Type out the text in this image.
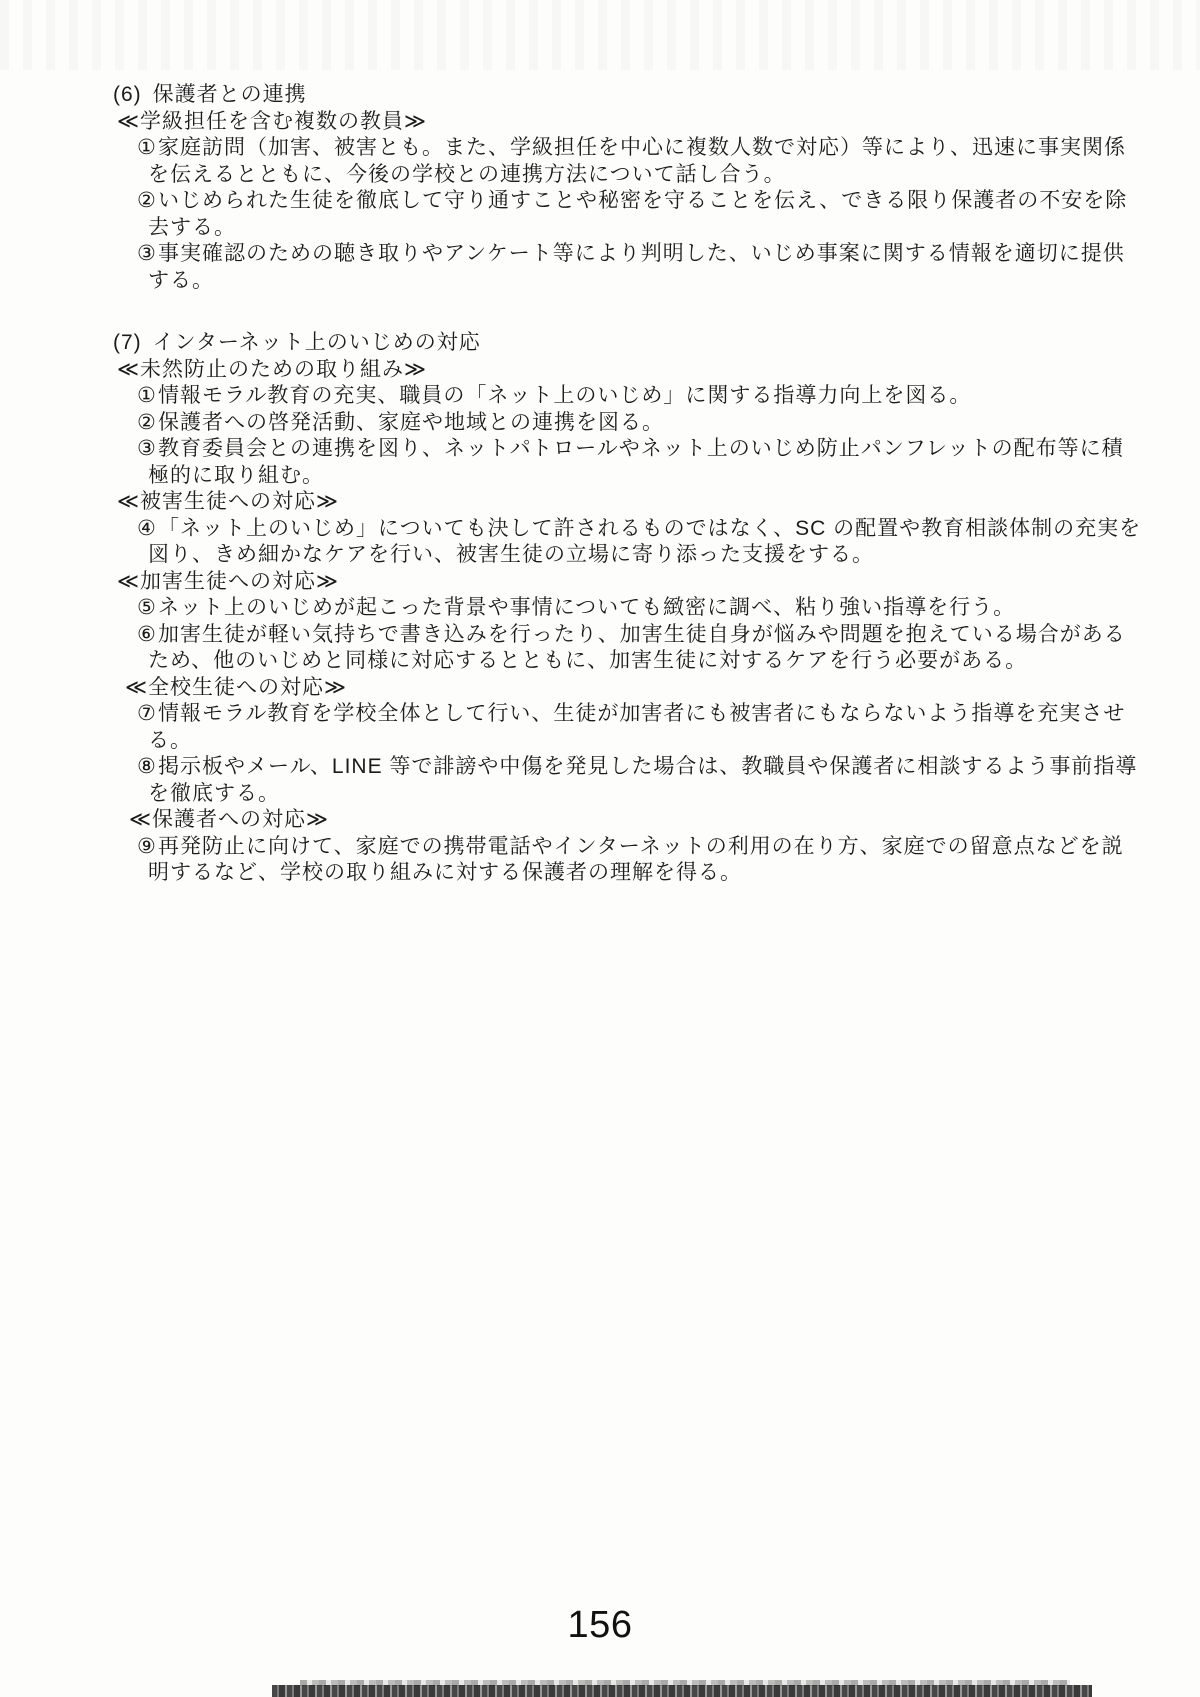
(6) 保護者との連携
≪学級担任を含む複数の教員≫
①家庭訪問（加害、被害とも。また、学級担任を中心に複数人数で対応）等により、迅速に事実関係
を伝えるとともに、今後の学校との連携方法について話し合う。
②いじめられた生徒を徹底して守り通すことや秘密を守ることを伝え、できる限り保護者の不安を除
去する。
③事実確認のための聴き取りやアンケート等により判明した、いじめ事案に関する情報を適切に提供
する。
(7) インターネット上のいじめの対応
≪未然防止のための取り組み≫
①情報モラル教育の充実、職員の「ネット上のいじめ」に関する指導力向上を図る。
②保護者への啓発活動、家庭や地域との連携を図る。
③教育委員会との連携を図り、ネットパトロールやネット上のいじめ防止パンフレットの配布等に積
極的に取り組む。
≪被害生徒への対応≫
④「ネット上のいじめ」についても決して許されるものではなく、SC の配置や教育相談体制の充実を
図り、きめ細かなケアを行い、被害生徒の立場に寄り添った支援をする。
≪加害生徒への対応≫
⑤ネット上のいじめが起こった背景や事情についても緻密に調べ、粘り強い指導を行う。
⑥加害生徒が軽い気持ちで書き込みを行ったり、加害生徒自身が悩みや問題を抱えている場合がある
ため、他のいじめと同様に対応するとともに、加害生徒に対するケアを行う必要がある。
≪全校生徒への対応≫
⑦情報モラル教育を学校全体として行い、生徒が加害者にも被害者にもならないよう指導を充実させ
る。
⑧掲示板やメール、LINE 等で誹謗や中傷を発見した場合は、教職員や保護者に相談するよう事前指導
を徹底する。
≪保護者への対応≫
⑨再発防止に向けて、家庭での携帯電話やインターネットの利用の在り方、家庭での留意点などを説
明するなど、学校の取り組みに対する保護者の理解を得る。
156
